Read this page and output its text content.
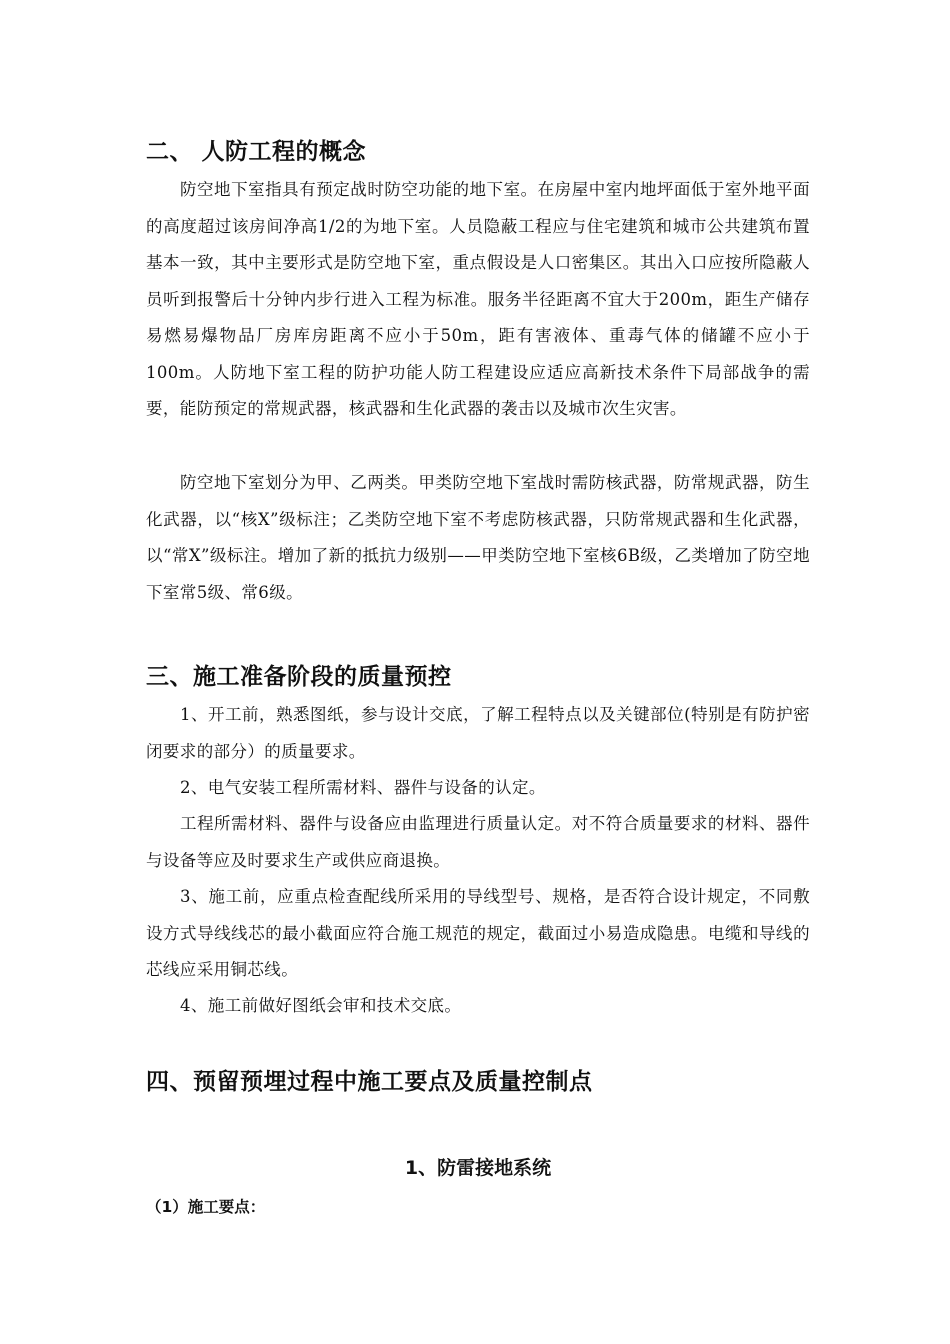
二、 人防工程的概念
防空地下室指具有预定战时防空功能的地下室。在房屋中室内地坪面低于室外地平面的高度超过该房间净高1/2的为地下室。人员隐蔽工程应与住宅建筑和城市公共建筑布置基本一致，其中主要形式是防空地下室，重点假设是人口密集区。其出入口应按所隐蔽人员听到报警后十分钟内步行进入工程为标准。服务半径距离不宜大于200m，距生产储存易燃易爆物品厂房库房距离不应小于50m，距有害液体、重毒气体的储罐不应小于100m。人防地下室工程的防护功能人防工程建设应适应高新技术条件下局部战争的需要，能防预定的常规武器，核武器和生化武器的袭击以及城市次生灾害。
防空地下室划分为甲、乙两类。甲类防空地下室战时需防核武器，防常规武器，防生化武器，以“核X”级标注；乙类防空地下室不考虑防核武器，只防常规武器和生化武器，以“常X”级标注。增加了新的抵抗力级别——甲类防空地下室核6B级，乙类增加了防空地下室常5级、常6级。
三、施工准备阶段的质量预控
1、开工前，熟悉图纸，参与设计交底，了解工程特点以及关键部位(特别是有防护密闭要求的部分）的质量要求。
2、电气安装工程所需材料、器件与设备的认定。
工程所需材料、器件与设备应由监理进行质量认定。对不符合质量要求的材料、器件与设备等应及时要求生产或供应商退换。
3、施工前，应重点检查配线所采用的导线型号、规格，是否符合设计规定，不同敷设方式导线线芯的最小截面应符合施工规范的规定，截面过小易造成隐患。电缆和导线的芯线应采用铜芯线。
4、施工前做好图纸会审和技术交底。
四、预留预埋过程中施工要点及质量控制点
1、防雷接地系统
（1）施工要点：
